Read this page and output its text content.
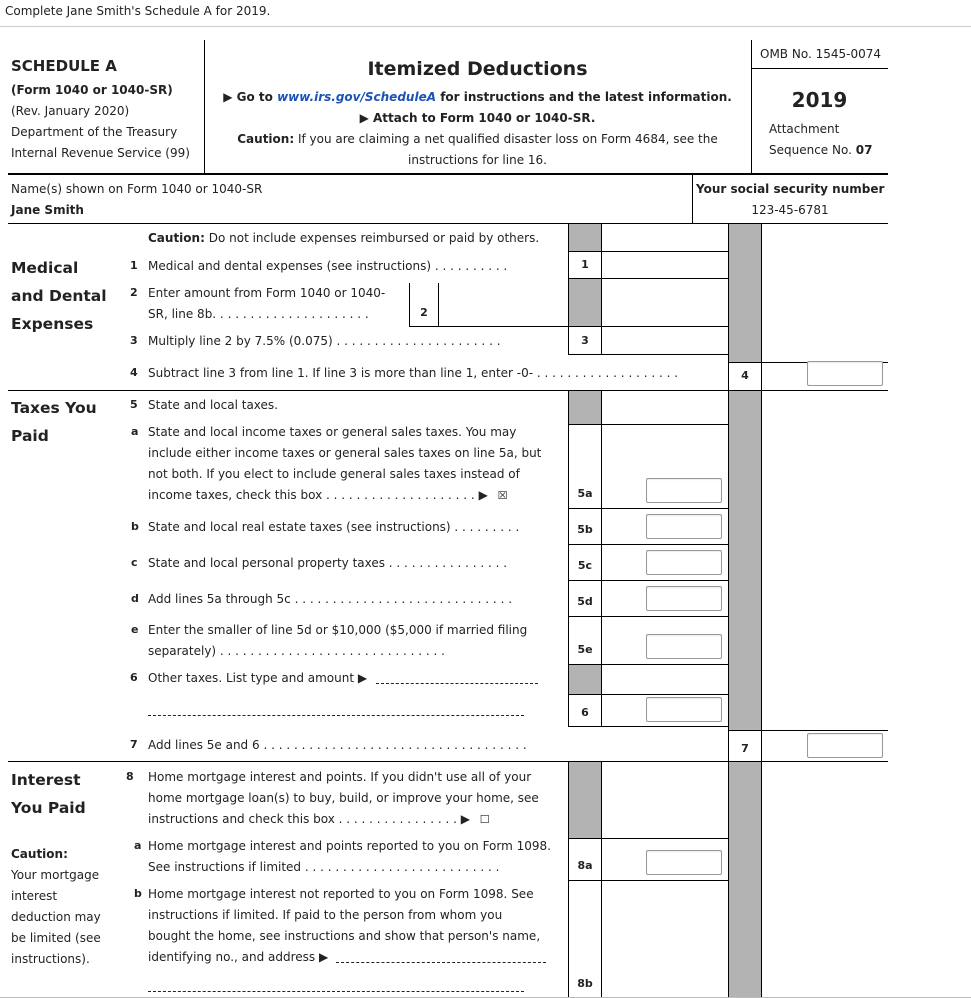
Complete Jane Smith's Schedule A for 2019.
SCHEDULE A
(Form 1040 or 1040-SR)
(Rev. January 2020)
Department of the Treasury
Internal Revenue Service (99)
Itemized Deductions
▶ Go to www.irs.gov/ScheduleA for instructions and the latest information.
▶ Attach to Form 1040 or 1040-SR.
Caution: If you are claiming a net qualified disaster loss on Form 4684, see the
instructions for line 16.
OMB No. 1545-0074
2019
Attachment
Sequence No. 07
Name(s) shown on Form 1040 or 1040-SR
Jane Smith
Your social security number
123-45-6781
1
2
3
4
5a
5b
5c
5d
5e
6
7
8a
8b
Medical
and Dental
Expenses
Caution: Do not include expenses reimbursed or paid by others.
1 Medical and dental expenses (see instructions) . . . . . . . . . .
2 Enter amount from Form 1040 or 1040-
SR, line 8b. . . . . . . . . . . . . . . . . . . . .
3 Multiply line 2 by 7.5% (0.075) . . . . . . . . . . . . . . . . . . . . . .
4 Subtract line 3 from line 1. If line 3 is more than line 1, enter -0- . . . . . . . . . . . . . . . . . . .
Taxes You
Paid
5 State and local taxes.
a State and local income taxes or general sales taxes. You may
include either income taxes or general sales taxes on line 5a, but
not both. If you elect to include general sales taxes instead of
income taxes, check this box . . . . . . . . . . . . . . . . . . . . ▶ ☒
b State and local real estate taxes (see instructions) . . . . . . . . .
c State and local personal property taxes . . . . . . . . . . . . . . . .
d Add lines 5a through 5c . . . . . . . . . . . . . . . . . . . . . . . . . . . . .
e Enter the smaller of line 5d or $10,000 ($5,000 if married filing
separately) . . . . . . . . . . . . . . . . . . . . . . . . . . . . . .
6 Other taxes. List type and amount ▶
7 Add lines 5e and 6 . . . . . . . . . . . . . . . . . . . . . . . . . . . . . . . . . . .
Interest
You Paid
Caution:
Your mortgage
interest
deduction may
be limited (see
instructions).
8 Home mortgage interest and points. If you didn't use all of your
home mortgage loan(s) to buy, build, or improve your home, see
instructions and check this box . . . . . . . . . . . . . . . . ▶ ☐
a Home mortgage interest and points reported to you on Form 1098.
See instructions if limited . . . . . . . . . . . . . . . . . . . . . . . . . .
b Home mortgage interest not reported to you on Form 1098. See
instructions if limited. If paid to the person from whom you
bought the home, see instructions and show that person's name,
identifying no., and address ▶
